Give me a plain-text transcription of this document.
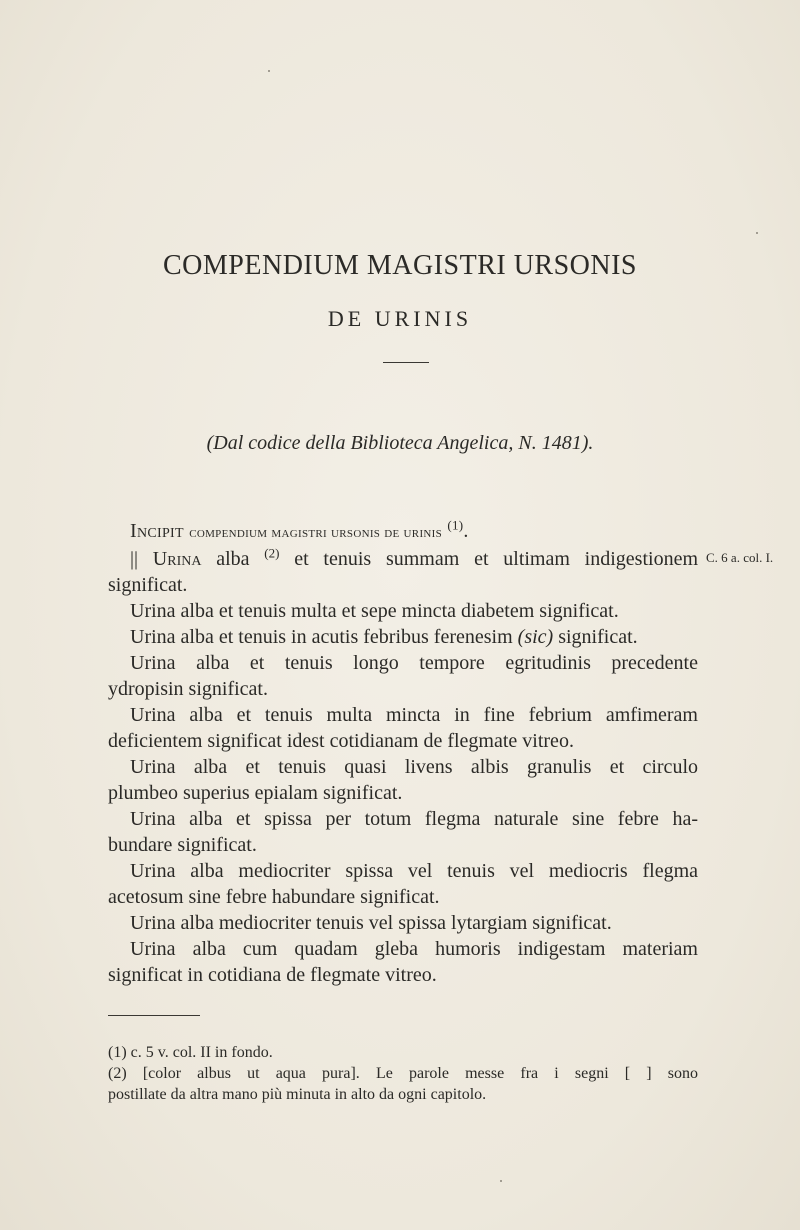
COMPENDIUM MAGISTRI URSONIS
DE URINIS
(Dal codice della Biblioteca Angelica, N. 1481).
Incipit compendium magistri ursonis de urinis $^{(1)}$.
|| Urina alba $^{(2)}$ et tenuis summam et ultimam indigestionem
significat.
Urina alba et tenuis multa et sepe mincta diabetem significat.
Urina alba et tenuis in acutis febribus ferenesim (sic) significat.
Urina alba et tenuis longo tempore egritudinis precedente
ydropisin significat.
Urina alba et tenuis multa mincta in fine febrium amfimeram
deficientem significat idest cotidianam de flegmate vitreo.
Urina alba et tenuis quasi livens albis granulis et circulo
plumbeo superius epialam significat.
Urina alba et spissa per totum flegma naturale sine febre ha-
bundare significat.
Urina alba mediocriter spissa vel tenuis vel mediocris flegma
acetosum sine febre habundare significat.
Urina alba mediocriter tenuis vel spissa lytargiam significat.
Urina alba cum quadam gleba humoris indigestam materiam
significat in cotidiana de flegmate vitreo.
C. 6 a. col. I.
(1) c. 5 v. col. II in fondo.
(2) [color albus ut aqua pura]. Le parole messe fra i segni [ ] sono
postillate da altra mano più minuta in alto da ogni capitolo.
